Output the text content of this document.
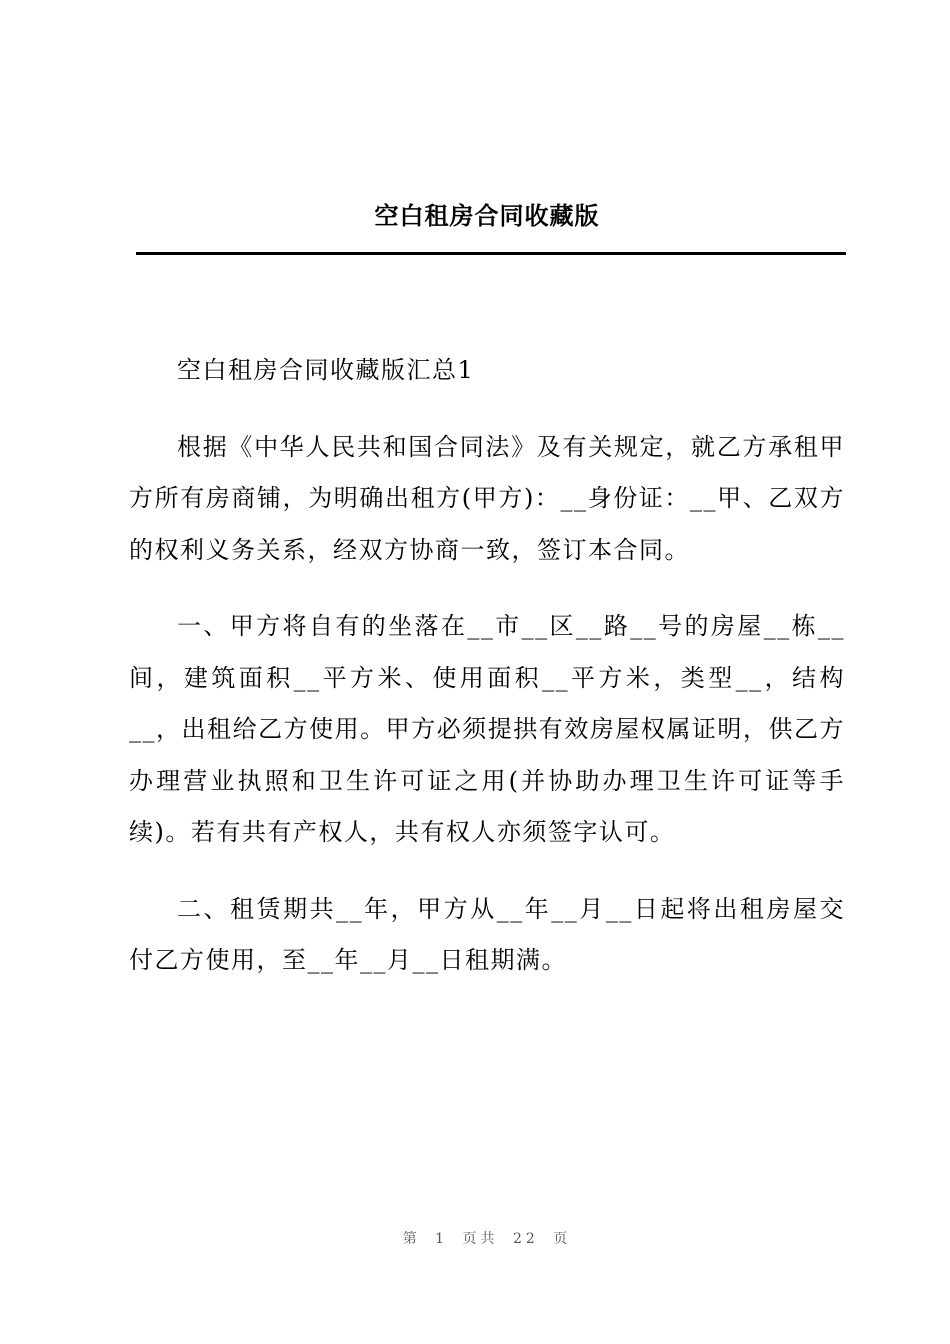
空白租房合同收藏版

空白租房合同收藏版汇总1

根据《中华人民共和国合同法》及有关规定，就乙方承租甲方所有房商铺，为明确出租方(甲方)：__身份证：__甲、乙双方的权利义务关系，经双方协商一致，签订本合同。

一、甲方将自有的坐落在__市__区__路__号的房屋__栋__间，建筑面积__平方米、使用面积__平方米，类型__，结构__，出租给乙方使用。甲方必须提拱有效房屋权属证明，供乙方办理营业执照和卫生许可证之用(并协助办理卫生许可证等手续)。若有共有产权人，共有权人亦须签字认可。

二、租赁期共__年，甲方从__年__月__日起将出租房屋交付乙方使用，至__年__月__日租期满。

第 1 页共 22 页
